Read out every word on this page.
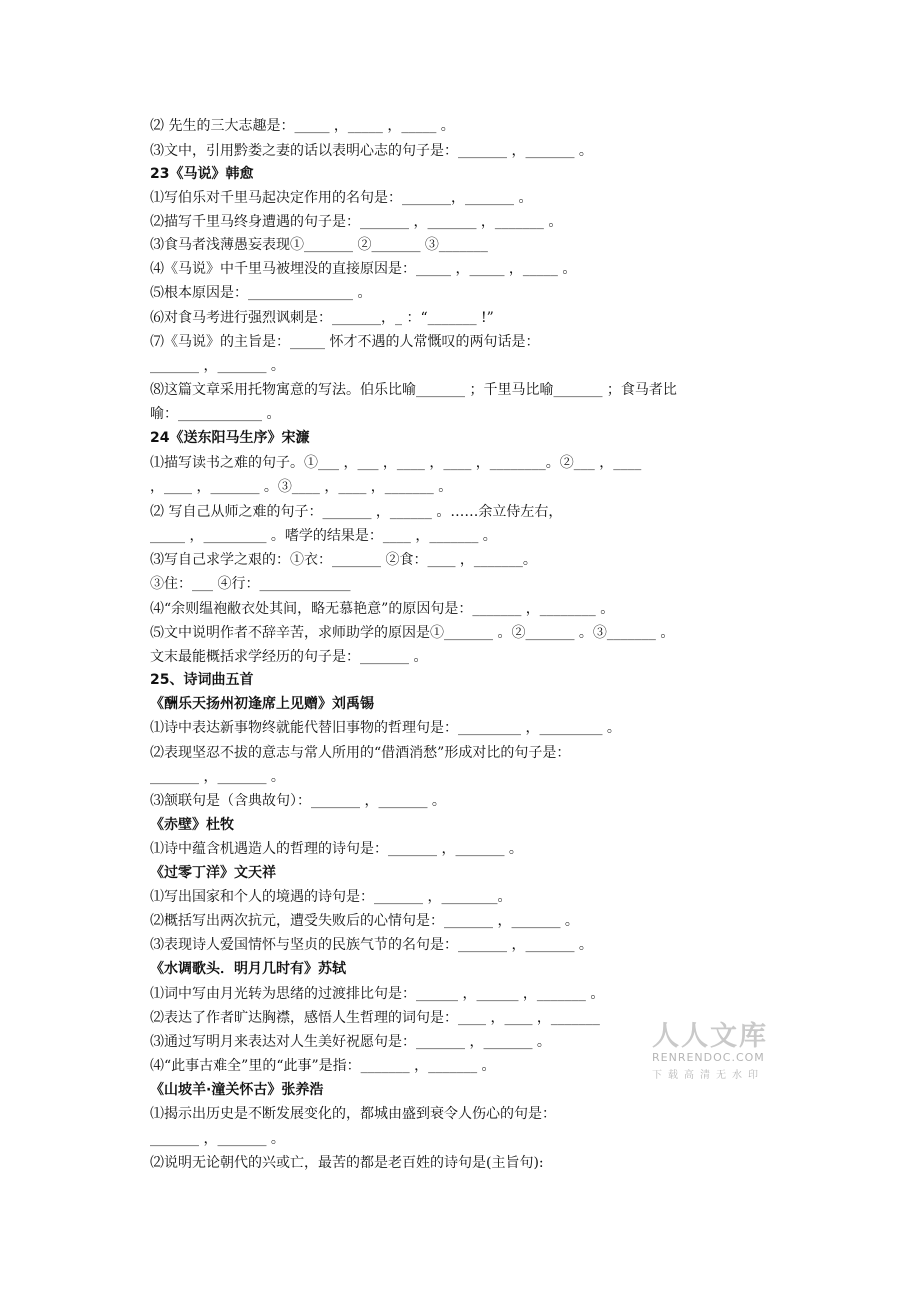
⑵ 先生的三大志趣是：_____ ，_____ ，_____ 。
⑶文中，引用黔娄之妻的话以表明心志的句子是：_______ ，_______ 。
23《马说》韩愈
⑴写伯乐对千里马起决定作用的名句是：_______，_______ 。
⑵描写千里马终身遭遇的句子是：_______ ，_______ ，_______ 。
⑶食马者浅薄愚妄表现①_______ ②_______ ③_______
⑷《马说》中千里马被埋没的直接原因是：_____ ，_____ ，_____ 。
⑸根本原因是：_______________ 。
⑹对食马考进行强烈讽刺是：_______，_ ：“_______ !”
⑺《马说》的主旨是：_____ 怀才不遇的人常慨叹的两句话是：
_______ ，_______ 。
⑻这篇文章采用托物寓意的写法。伯乐比喻_______ ；千里马比喻_______ ；食马者比
喻：____________ 。
24《送东阳马生序》宋濂
⑴描写读书之难的句子。①___ ，___ ，____ ，____ ，________。②___ ，____
，____ ，_______ 。③____ ，____ ，_______ 。
⑵ 写自己从师之难的句子：_______ ，______ 。……余立侍左右，
_____ ，_________ 。嗜学的结果是：____ ，_______ 。
⑶写自己求学之艰的：①衣：_______ ②食：____ ，_______。
③住：___ ④行：_____________
⑷“余则缊袍敝衣处其间，略无慕艳意”的原因句是：_______ ，________ 。
⑸文中说明作者不辞辛苦，求师助学的原因是①_______ 。②_______ 。③_______ 。
文末最能概括求学经历的句子是：_______ 。
25、诗词曲五首
《酬乐天扬州初逢席上见赠》刘禹锡
⑴诗中表达新事物终就能代替旧事物的哲理句是：_________ ，_________ 。
⑵表现坚忍不拔的意志与常人所用的“借酒消愁”形成对比的句子是：
_______ ，_______ 。
⑶颔联句是（含典故句）：_______ ，_______ 。
《赤壁》杜牧
⑴诗中蕴含机遇造人的哲理的诗句是：_______ ，_______ 。
《过零丁洋》文天祥
⑴写出国家和个人的境遇的诗句是：_______ ，________。
⑵概括写出两次抗元，遭受失败后的心情句是：_______ ，_______ 。
⑶表现诗人爱国情怀与坚贞的民族气节的名句是：_______ ，_______ 。
《水调歌头．明月几时有》苏轼
⑴词中写由月光转为思绪的过渡排比句是：______ ，______ ，_______ 。
⑵表达了作者旷达胸襟，感悟人生哲理的词句是：____ ，____ ，_______
⑶通过写明月来表达对人生美好祝愿句是：_______ ，_______ 。
⑷“此事古难全”里的“此事”是指：_______ ，_______ 。
《山坡羊·潼关怀古》张养浩
⑴揭示出历史是不断发展变化的，都城由盛到衰令人伤心的句是：
_______ ，_______ 。
⑵说明无论朝代的兴或亡，最苦的都是老百姓的诗句是(主旨句):
人人文库
RENRENDOC.COM
下载高清无水印
